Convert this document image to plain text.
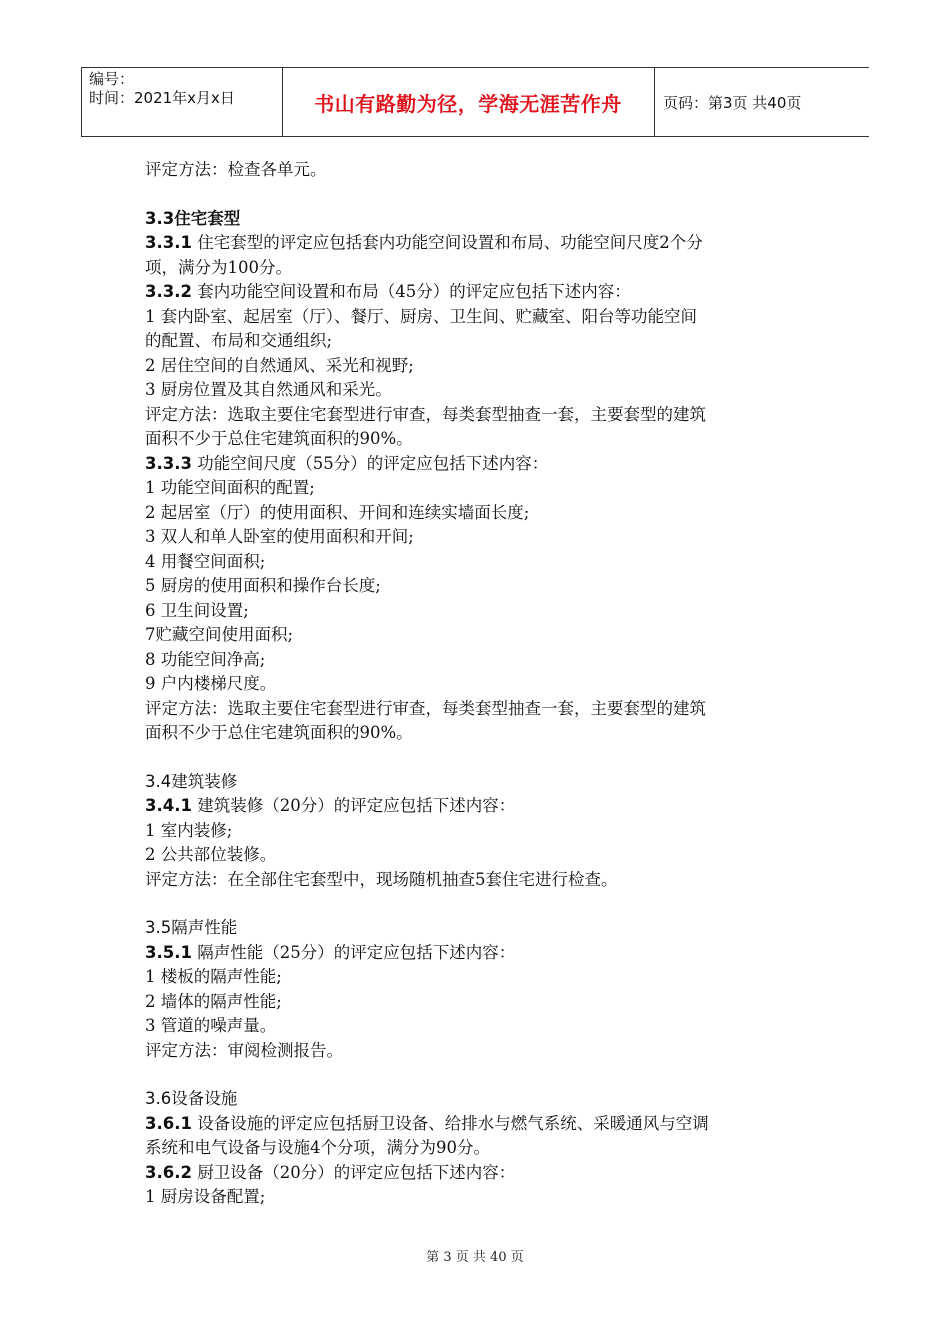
编号：
时间：2021年x月x日	书山有路勤为径，学海无涯苦作舟	页码：第3页 共40页
评定方法：检查各单元。
3.3住宅套型
3.3.1 住宅套型的评定应包括套内功能空间设置和布局、功能空间尺度2个分
项，满分为100分。
3.3.2 套内功能空间设置和布局（45分）的评定应包括下述内容：
1 套内卧室、起居室（厅）、餐厅、厨房、卫生间、贮藏室、阳台等功能空间
的配置、布局和交通组织;
2 居住空间的自然通风、采光和视野;
3 厨房位置及其自然通风和采光。
评定方法：选取主要住宅套型进行审查，每类套型抽查一套，主要套型的建筑
面积不少于总住宅建筑面积的90%。
3.3.3 功能空间尺度（55分）的评定应包括下述内容：
1 功能空间面积的配置;
2 起居室（厅）的使用面积、开间和连续实墙面长度;
3 双人和单人卧室的使用面积和开间;
4 用餐空间面积;
5 厨房的使用面积和操作台长度;
6 卫生间设置;
7贮藏空间使用面积;
8 功能空间净高;
9 户内楼梯尺度。
评定方法：选取主要住宅套型进行审查，每类套型抽查一套，主要套型的建筑
面积不少于总住宅建筑面积的90%。
3.4建筑装修
3.4.1 建筑装修（20分）的评定应包括下述内容：
1 室内装修;
2 公共部位装修。
评定方法：在全部住宅套型中，现场随机抽查5套住宅进行检查。
3.5隔声性能
3.5.1 隔声性能（25分）的评定应包括下述内容：
1 楼板的隔声性能;
2 墙体的隔声性能;
3 管道的噪声量。
评定方法：审阅检测报告。
3.6设备设施
3.6.1 设备设施的评定应包括厨卫设备、给排水与燃气系统、采暖通风与空调
系统和电气设备与设施4个分项，满分为90分。
3.6.2 厨卫设备（20分）的评定应包括下述内容：
1 厨房设备配置;
第 3 页 共 40 页
